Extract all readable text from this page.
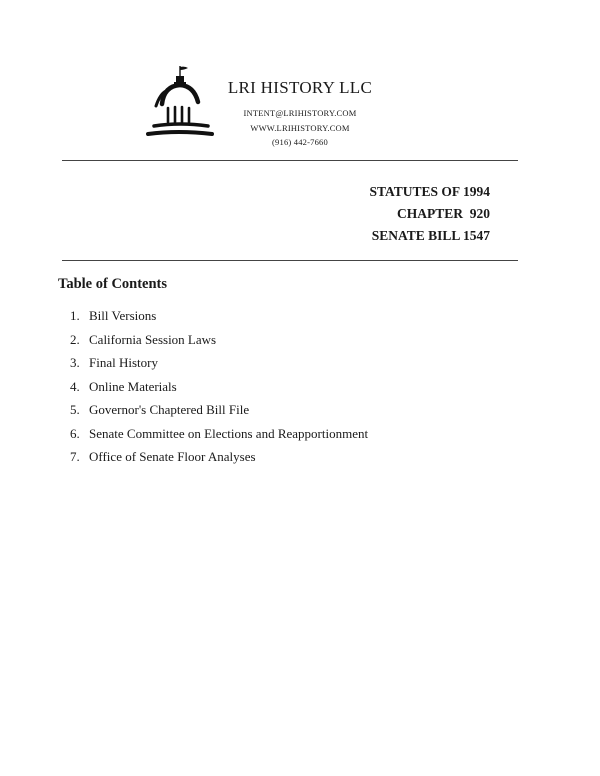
LRI HISTORY LLC
INTENT@LRIHISTORY.COM
WWW.LRIHISTORY.COM
(916) 442-7660
STATUTES OF 1994
CHAPTER  920
SENATE BILL 1547
Table of Contents
1. Bill Versions
2. California Session Laws
3. Final History
4. Online Materials
5. Governor's Chaptered Bill File
6. Senate Committee on Elections and Reapportionment
7. Office of Senate Floor Analyses
